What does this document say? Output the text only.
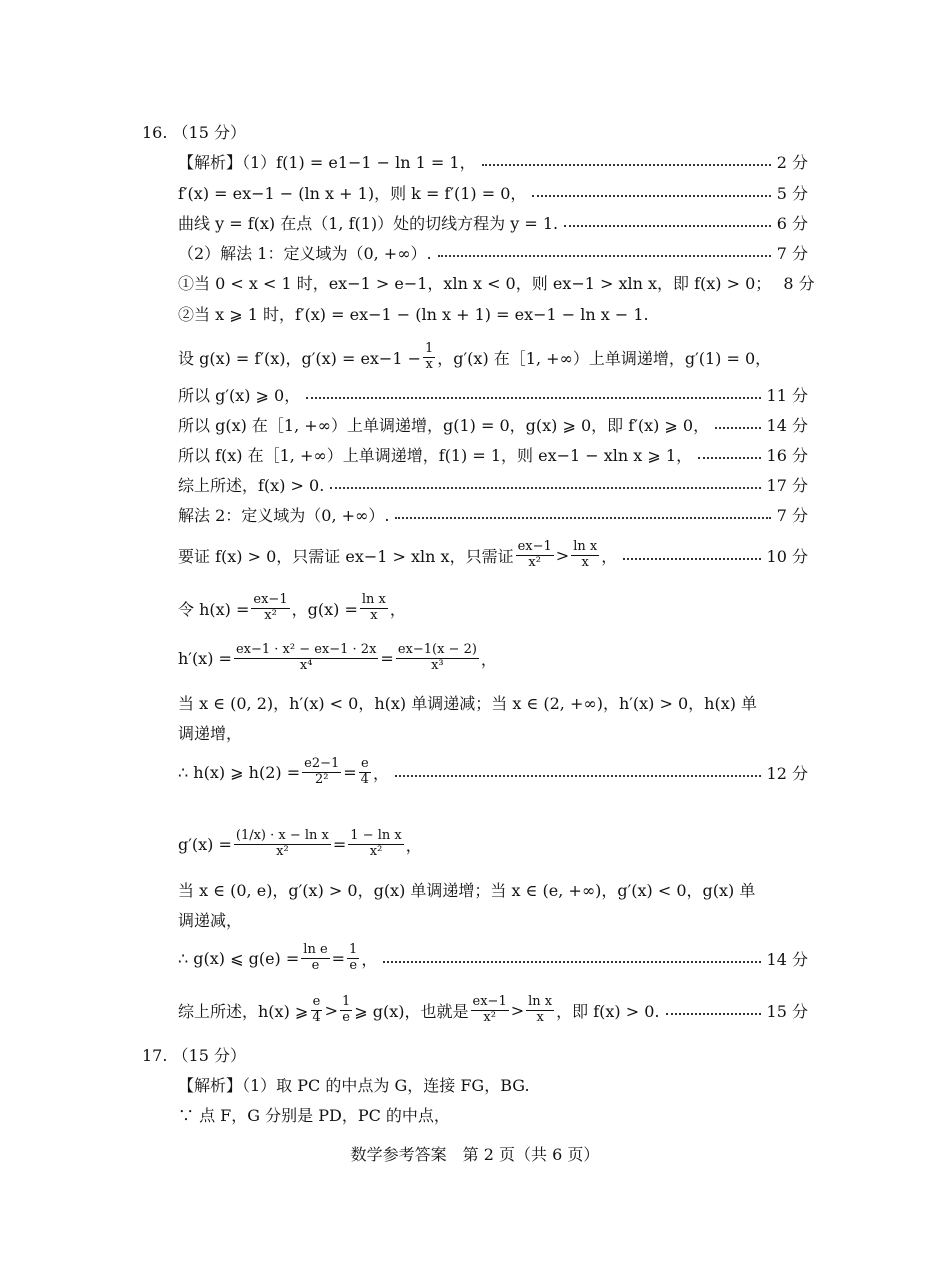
16. （15 分）
【解析】（1）f(1) = e1−1 − ln 1 = 1，	2 分
f′(x) = ex−1 − (ln x + 1)，则 k = f′(1) = 0，	5 分
曲线 y = f(x) 在点（1, f(1)）处的切线方程为 y = 1.	6 分
（2）解法 1：定义域为（0, +∞）.	7 分
①当 0 < x < 1 时，ex−1 > e−1，xln x < 0，则 ex−1 > xln x，即 f(x) > 0； 8 分
②当 x ⩾ 1 时，f′(x) = ex−1 − (ln x + 1) = ex−1 − ln x − 1.
设 g(x) = f′(x)，$g'(x) = ex-1 - \frac{1}{x}$ ，g′(x) 在［1, +∞）上单调递增，g′(1) = 0，
所以 g′(x) ⩾ 0，	11 分
所以 g(x) 在［1, +∞）上单调递增，g(1) = 0，g(x) ⩾ 0，即 f′(x) ⩾ 0，	14 分
所以 f(x) 在［1, +∞）上单调递增，f(1) = 1，则 ex−1 − xln x ⩾ 1，	16 分
综上所述，f(x) > 0.	17 分
解法 2：定义域为（0, +∞）.	7 分
要证 f(x) > 0，只需证 ex−1 > xln x，只需证 $\frac{ex-1}{\text{x²}} > \frac{\text{ln x}}{x}$ ，	10 分
令 $h(x) = \frac{ex-1}{\text{x²}}$ ，$g(x) = \frac{\text{ln x}}{x}$ ，
$h'(x) = \frac{\text{ex−1 · x² − ex−1 · 2x}}{\text{x⁴}} = \frac{ex-1(x - 2)}{\text{x³}}$ ，
当 x ∈ (0, 2)，h′(x) < 0，h(x) 单调递减；当 x ∈ (2, +∞)，h′(x) > 0，h(x) 单
调递增，
∴ h(x) ⩾ $h(2) = \frac{e2-1}{\text{2²}} = \frac{e}{4}$ ，	12 分
$g'(x) = \frac{\text{(1/x) · x − ln x}}{\text{x²}} = \frac{\text{1 − ln x}}{\text{x²}}$ ，
当 x ∈ (0, e)，g′(x) > 0，g(x) 单调递增；当 x ∈ (e, +∞)，g′(x) < 0，g(x) 单
调递减，
∴ g(x) ⩽ $g(e) = \frac{\text{ln e}}{e} = \frac{1}{e}$ ，	14 分
综上所述，h(x) ⩾ $\frac{e}{4} > \frac{1}{e}$ ⩾ g(x)，也就是 $\frac{ex-1}{\text{x²}} > \frac{\text{ln x}}{x}$ ，即 f(x) > 0.	15 分
17. （15 分）
【解析】（1）取 PC 的中点为 G，连接 FG，BG.
∵ 点 F，G 分别是 PD，PC 的中点，
数学参考答案　第 2 页（共 6 页）
